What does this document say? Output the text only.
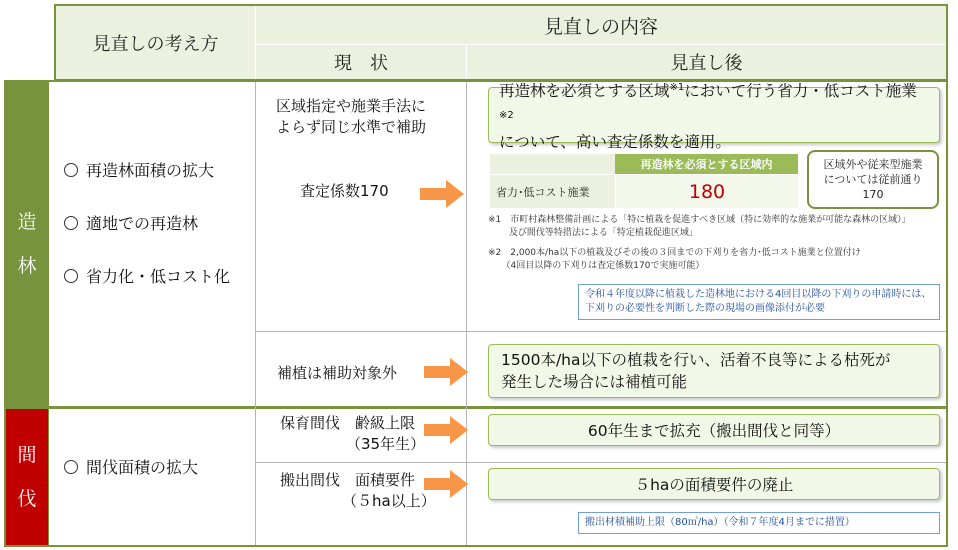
見直しの考え方
見直しの内容
現　状	見直し後
造
林
間
伐
再造林面積の拡大
適地での再造林
省力化・低コスト化
区域指定や施業手法に
よらず同じ水準で補助
査定係数170
補植は補助対象外
再造林を必須とする区域$^{※1}$において行う省力・低コスト施業$^{※2}$
について、高い査定係数を適用。
再造林を必須とする区域内
省力･低コスト施業	180
区域外や従来型施業
については従前通り
170
※1　市町村森林整備計画による「特に植栽を促進すべき区域（特に効率的な施業が可能な森林の区域）」
　　 及び間伐等特措法による「特定植栽促進区域」
※2　2,000本/ha以下の植栽及びその後の３回までの下刈りを省力･低コスト施業と位置付け
　　（4回目以降の下刈りは査定係数170で実施可能）
令和４年度以降に植栽した造林地における4回目以降の下刈りの申請時には、
下刈りの必要性を判断した際の現場の画像添付が必要
1500本/ha以下の植栽を行い、活着不良等による枯死が
発生した場合には補植可能
間伐面積の拡大
保育間伐　齢級上限
（35年生）
搬出間伐　面積要件
（５ha以上）
60年生まで拡充（搬出間伐と同等）
５haの面積要件の廃止
搬出材積補助上限（80㎥/ha）（令和７年度4月までに措置）
